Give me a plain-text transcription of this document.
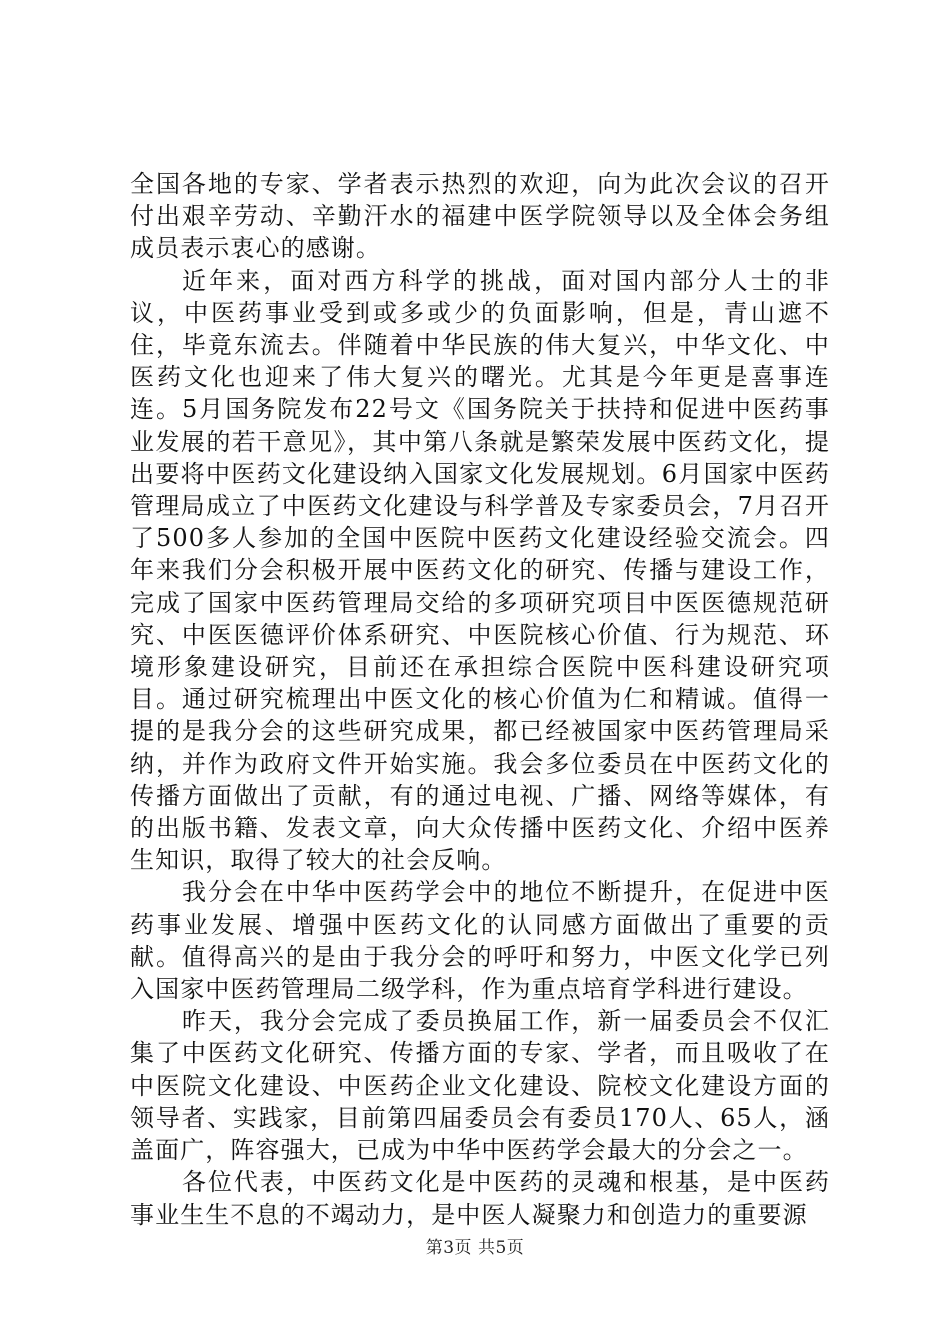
全国各地的专家、学者表示热烈的欢迎，向为此次会议的召开付出艰辛劳动、辛勤汗水的福建中医学院领导以及全体会务组成员表示衷心的感谢。

近年来，面对西方科学的挑战，面对国内部分人士的非议，中医药事业受到或多或少的负面影响，但是，青山遮不住，毕竟东流去。伴随着中华民族的伟大复兴，中华文化、中医药文化也迎来了伟大复兴的曙光。尤其是今年更是喜事连连。5月国务院发布22号文《国务院关于扶持和促进中医药事业发展的若干意见》，其中第八条就是繁荣发展中医药文化，提出要将中医药文化建设纳入国家文化发展规划。6月国家中医药管理局成立了中医药文化建设与科学普及专家委员会，7月召开了500多人参加的全国中医院中医药文化建设经验交流会。四年来我们分会积极开展中医药文化的研究、传播与建设工作，完成了国家中医药管理局交给的多项研究项目中医医德规范研究、中医医德评价体系研究、中医院核心价值、行为规范、环境形象建设研究，目前还在承担综合医院中医科建设研究项目。通过研究梳理出中医文化的核心价值为仁和精诚。值得一提的是我分会的这些研究成果，都已经被国家中医药管理局采纳，并作为政府文件开始实施。我会多位委员在中医药文化的传播方面做出了贡献，有的通过电视、广播、网络等媒体，有的出版书籍、发表文章，向大众传播中医药文化、介绍中医养生知识，取得了较大的社会反响。

我分会在中华中医药学会中的地位不断提升，在促进中医药事业发展、增强中医药文化的认同感方面做出了重要的贡献。值得高兴的是由于我分会的呼吁和努力，中医文化学已列入国家中医药管理局二级学科，作为重点培育学科进行建设。

昨天，我分会完成了委员换届工作，新一届委员会不仅汇集了中医药文化研究、传播方面的专家、学者，而且吸收了在中医院文化建设、中医药企业文化建设、院校文化建设方面的领导者、实践家，目前第四届委员会有委员170人、65人，涵盖面广，阵容强大，已成为中华中医药学会最大的分会之一。

各位代表，中医药文化是中医药的灵魂和根基，是中医药事业生生不息的不竭动力，是中医人凝聚力和创造力的重要源

第3页 共5页
